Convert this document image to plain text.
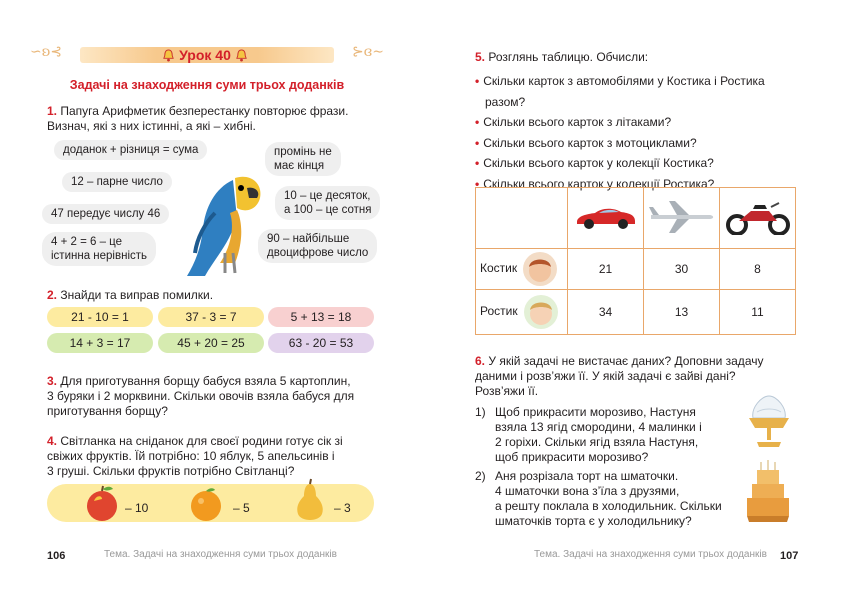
∽ʚ⊰	⊱ɞ∼
Урок 40
Задачі на знаходження суми трьох доданків
1. Папуга Арифметик безперестанку повторює фрази.
Визнач, які з них істинні, а які – хибні.
доданок + різниця = сума
12 – парне число
47 передує числу 46
4 + 2 = 6 – це
істинна нерівність
промінь не
має кінця
10 – це десяток,
а 100 – це сотня
90 – найбільше
двоцифрове число
2. Знайди та виправ помилки.
21 - 10 = 1	37 - 3 = 7	5 + 13 = 18
14 + 3 = 17	45 + 20 = 25	63 - 20 = 53
3. Для приготування борщу бабуся взяла 5 картоплин,
3 буряки і 2 морквини. Скільки овочів взяла бабуся для
приготування борщу?
4. Світланка на сніданок для своєї родини готує сік зі
свіжих фруктів. Їй потрібно: 10 яблук, 5 апельсинів і
3 груші. Скільки фруктів потрібно Світланці?
– 10	– 5	– 3
106	Тема. Задачі на знаходження суми трьох доданків
5. Розглянь таблицю. Обчисли:
• Скільки карток з автомобілями у Костика і Ростика
разом?
• Скільки всього карток з літаками?
• Скільки всього карток з мотоциклами?
• Скільки всього карток у колекції Костика?
• Скільки всього карток у колекції Ростика?

Костик	21	30	8
Ростик	34	13	11
6. У якій задачі не вистачає даних? Доповни задачу
даними і розв’яжи її. У якій задачі є зайві дані?
Розв’яжи її.
1) Щоб прикрасити морозиво, Настуня
взяла 13 ягід смородини, 4 малинки і
2 горіхи. Скільки ягід взяла Настуня,
щоб прикрасити морозиво?
2) Аня розрізала торт на шматочки.
4 шматочки вона з’їла з друзями,
а решту поклала в холодильник. Скільки
шматочків торта є у холодильнику?
Тема. Задачі на знаходження суми трьох доданків 107
